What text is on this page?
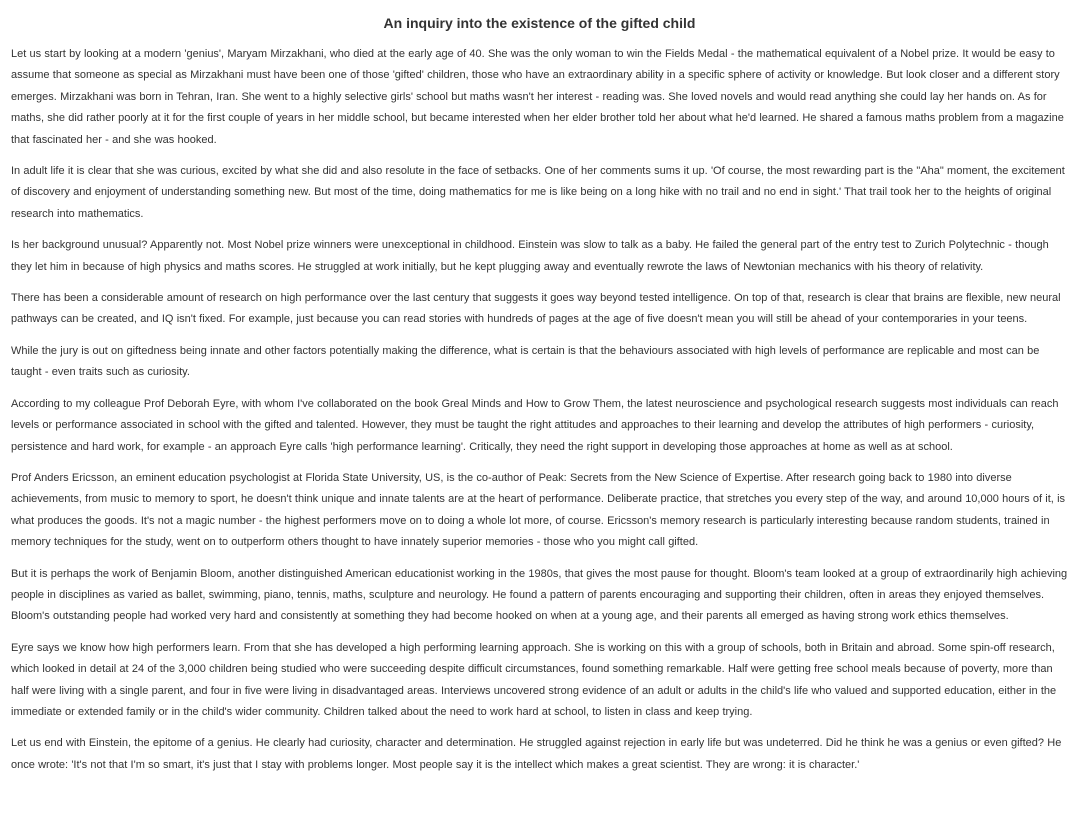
An inquiry into the existence of the gifted child

Let us start by looking at a modern 'genius', Maryam Mirzakhani, who died at the early age of 40. She was the only woman to win the Fields Medal - the mathematical equivalent of a Nobel prize. It would be easy to assume that someone as special as Mirzakhani must have been one of those 'gifted' children, those who have an extraordinary ability in a specific sphere of activity or knowledge. But look closer and a different story emerges. Mirzakhani was born in Tehran, Iran. She went to a highly selective girls' school but maths wasn't her interest - reading was. She loved novels and would read anything she could lay her hands on. As for maths, she did rather poorly at it for the first couple of years in her middle school, but became interested when her elder brother told her about what he'd learned. He shared a famous maths problem from a magazine that fascinated her - and she was hooked.

In adult life it is clear that she was curious, excited by what she did and also resolute in the face of setbacks. One of her comments sums it up. 'Of course, the most rewarding part is the "Aha" moment, the excitement of discovery and enjoyment of understanding something new. But most of the time, doing mathematics for me is like being on a long hike with no trail and no end in sight.' That trail took her to the heights of original research into mathematics.

Is her background unusual? Apparently not. Most Nobel prize winners were unexceptional in childhood. Einstein was slow to talk as a baby. He failed the general part of the entry test to Zurich Polytechnic - though they let him in because of high physics and maths scores. He struggled at work initially, but he kept plugging away and eventually rewrote the laws of Newtonian mechanics with his theory of relativity.

There has been a considerable amount of research on high performance over the last century that suggests it goes way beyond tested intelligence. On top of that, research is clear that brains are flexible, new neural pathways can be created, and IQ isn't fixed. For example, just because you can read stories with hundreds of pages at the age of five doesn't mean you will still be ahead of your contemporaries in your teens.

While the jury is out on giftedness being innate and other factors potentially making the difference, what is certain is that the behaviours associated with high levels of performance are replicable and most can be taught - even traits such as curiosity.

According to my colleague Prof Deborah Eyre, with whom I've collaborated on the book Greal Minds and How to Grow Them, the latest neuroscience and psychological research suggests most individuals can reach levels or performance associated in school with the gifted and talented. However, they must be taught the right attitudes and approaches to their learning and develop the attributes of high performers - curiosity, persistence and hard work, for example - an approach Eyre calls 'high performance learning'. Critically, they need the right support in developing those approaches at home as well as at school.

Prof Anders Ericsson, an eminent education psychologist at Florida State University, US, is the co-author of Peak: Secrets from the New Science of Expertise. After research going back to 1980 into diverse achievements, from music to memory to sport, he doesn't think unique and innate talents are at the heart of performance. Deliberate practice, that stretches you every step of the way, and around 10,000 hours of it, is what produces the goods. It's not a magic number - the highest performers move on to doing a whole lot more, of course. Ericsson's memory research is particularly interesting because random students, trained in memory techniques for the study, went on to outperform others thought to have innately superior memories - those who you might call gifted.

But it is perhaps the work of Benjamin Bloom, another distinguished American educationist working in the 1980s, that gives the most pause for thought. Bloom's team looked at a group of extraordinarily high achieving people in disciplines as varied as ballet, swimming, piano, tennis, maths, sculpture and neurology. He found a pattern of parents encouraging and supporting their children, often in areas they enjoyed themselves. Bloom's outstanding people had worked very hard and consistently at something they had become hooked on when at a young age, and their parents all emerged as having strong work ethics themselves.

Eyre says we know how high performers learn. From that she has developed a high performing learning approach. She is working on this with a group of schools, both in Britain and abroad. Some spin-off research, which looked in detail at 24 of the 3,000 children being studied who were succeeding despite difficult circumstances, found something remarkable. Half were getting free school meals because of poverty, more than half were living with a single parent, and four in five were living in disadvantaged areas. Interviews uncovered strong evidence of an adult or adults in the child's life who valued and supported education, either in the immediate or extended family or in the child's wider community. Children talked about the need to work hard at school, to listen in class and keep trying.

Let us end with Einstein, the epitome of a genius. He clearly had curiosity, character and determination. He struggled against rejection in early life but was undeterred. Did he think he was a genius or even gifted? He once wrote: 'It's not that I'm so smart, it's just that I stay with problems longer. Most people say it is the intellect which makes a great scientist. They are wrong: it is character.'
